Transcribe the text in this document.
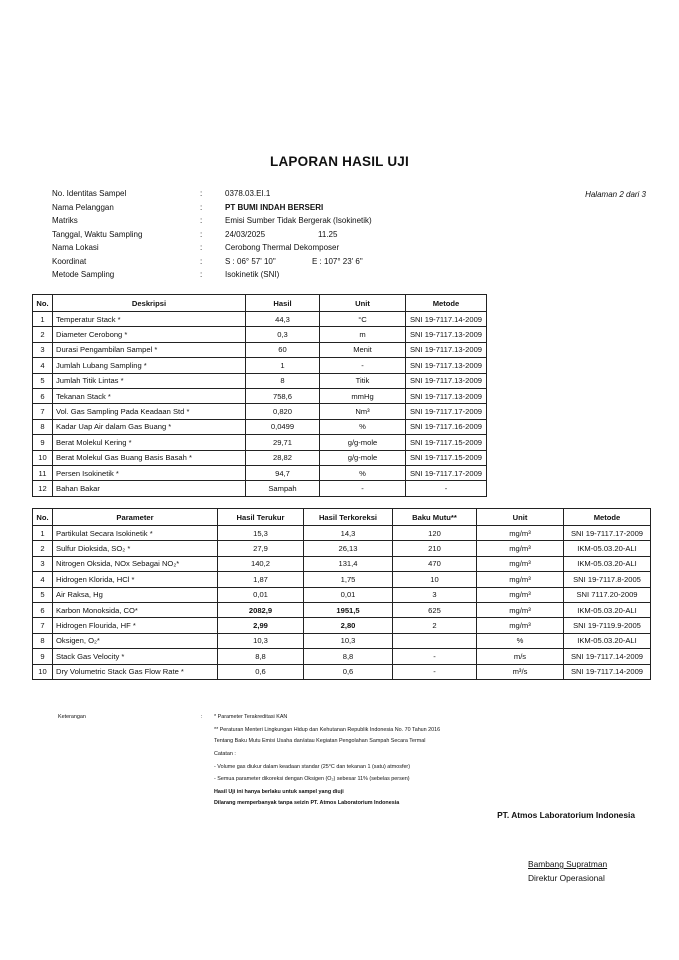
LAPORAN HASIL UJI
Halaman 2 dari 3
No. Identitas Sampel	:	0378.03.EI.1
Nama Pelanggan	:	PT BUMI INDAH BERSERI
Matriks	:	Emisi Sumber Tidak Bergerak (Isokinetik)
Tanggal, Waktu Sampling	:	24/03/2025	11.25
Nama Lokasi	:	Cerobong Thermal Dekomposer
Koordinat	:	S : 06° 57' 10"	E : 107° 23' 6"
Metode Sampling	:	Isokinetik (SNI)
No.	Deskripsi	Hasil	Unit	Metode
1	Temperatur Stack *	44,3	°C	SNI 19-7117.14-2009
2	Diameter Cerobong *	0,3	m	SNI 19-7117.13-2009
3	Durasi Pengambilan Sampel *	60	Menit	SNI 19-7117.13-2009
4	Jumlah Lubang Sampling *	1	-	SNI 19-7117.13-2009
5	Jumlah Titik Lintas *	8	Titik	SNI 19-7117.13-2009
6	Tekanan Stack *	758,6	mmHg	SNI 19-7117.13-2009
7	Vol. Gas Sampling Pada Keadaan Std *	0,820	Nm³	SNI 19-7117.17-2009
8	Kadar Uap Air dalam Gas Buang *	0,0499	%	SNI 19-7117.16-2009
9	Berat Molekul Kering *	29,71	g/g-mole	SNI 19-7117.15-2009
10	Berat Molekul Gas Buang Basis Basah *	28,82	g/g-mole	SNI 19-7117.15-2009
11	Persen Isokinetik *	94,7	%	SNI 19-7117.17-2009
12	Bahan Bakar	Sampah	-	-
No.	Parameter	Hasil Terukur	Hasil Terkoreksi	Baku Mutu**	Unit	Metode
1	Partikulat Secara Isokinetik *	15,3	14,3	120	mg/m³	SNI 19-7117.17-2009
2	Sulfur Dioksida, SO₂ *	27,9	26,13	210	mg/m³	IKM-05.03.20-ALI
3	Nitrogen Oksida, NOx Sebagai NO₂*	140,2	131,4	470	mg/m³	IKM-05.03.20-ALI
4	Hidrogen Klorida, HCl *	1,87	1,75	10	mg/m³	SNI 19-7117.8-2005
5	Air Raksa, Hg	0,01	0,01	3	mg/m³	SNI 7117.20-2009
6	Karbon Monoksida, CO*	2082,9	1951,5	625	mg/m³	IKM-05.03.20-ALI
7	Hidrogen Flourida, HF *	2,99	2,80	2	mg/m³	SNI 19-7119.9-2005
8	Oksigen, O₂*	10,3	10,3		%	IKM-05.03.20-ALI
9	Stack Gas Velocity *	8,8	8,8	-	m/s	SNI 19-7117.14-2009
10	Dry Volumetric Stack Gas Flow Rate *	0,6	0,6	-	m³/s	SNI 19-7117.14-2009
Keterangan	: * Parameter Terakreditasi KAN
** Peraturan Menteri Lingkungan Hidup dan Kehutanan Republik Indonesia No. 70 Tahun 2016
Tentang Baku Mutu Emisi Usaha dan/atau Kegiatan Pengolahan Sampah Secara Termal
Catatan :
- Volume gas diukur dalam keadaan standar (25°C dan tekanan 1 (satu) atmosfer)
- Semua parameter dikoreksi dengan Oksigen (O₂) sebesar 11% (sebelas persen)
Hasil Uji ini hanya berlaku untuk sampel yang diuji
Dilarang memperbanyak tanpa seizin PT. Atmos Laboratorium Indonesia
PT. Atmos Laboratorium Indonesia
Bambang Supratman
Direktur Operasional
